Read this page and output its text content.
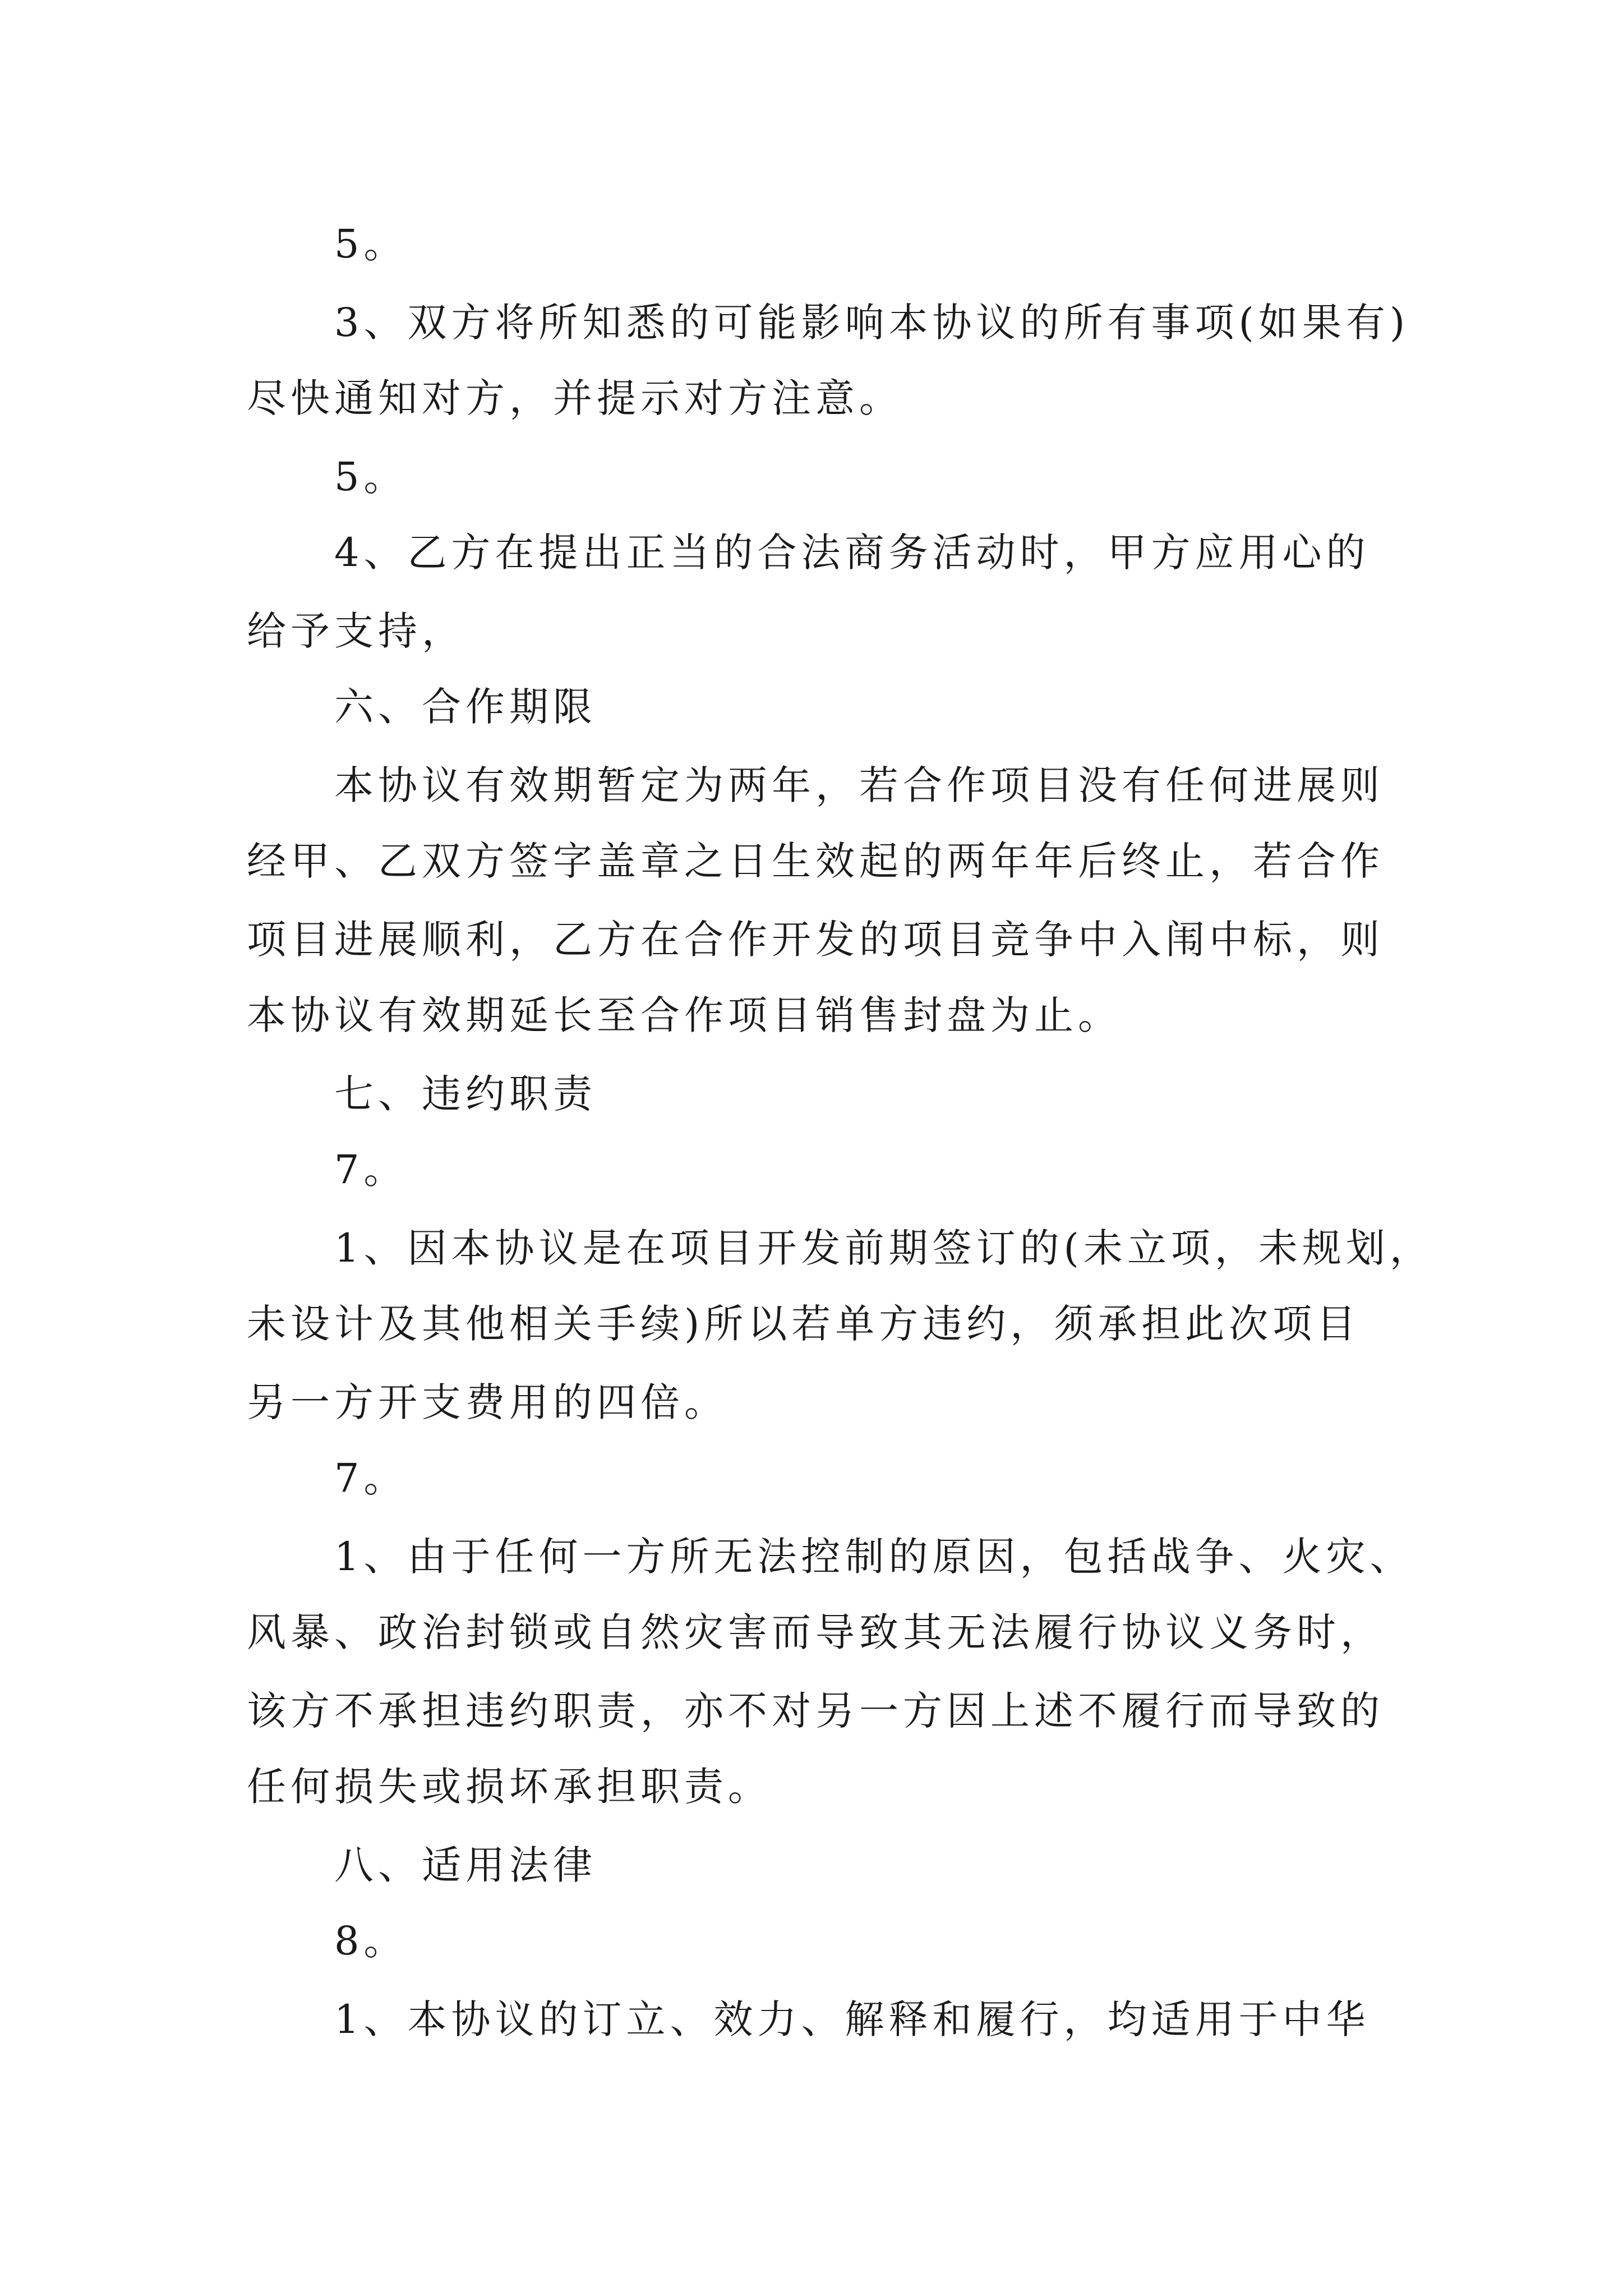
5。
3、双方将所知悉的可能影响本协议的所有事项(如果有)
尽快通知对方，并提示对方注意。
5。
4、乙方在提出正当的合法商务活动时，甲方应用心的
给予支持，
六、合作期限
本协议有效期暂定为两年，若合作项目没有任何进展则
经甲、乙双方签字盖章之日生效起的两年年后终止，若合作
项目进展顺利，乙方在合作开发的项目竞争中入闱中标，则
本协议有效期延长至合作项目销售封盘为止。
七、违约职责
7。
1、因本协议是在项目开发前期签订的(未立项，未规划，
未设计及其他相关手续)所以若单方违约，须承担此次项目
另一方开支费用的四倍。
7。
1、由于任何一方所无法控制的原因，包括战争、火灾、
风暴、政治封锁或自然灾害而导致其无法履行协议义务时，
该方不承担违约职责，亦不对另一方因上述不履行而导致的
任何损失或损坏承担职责。
八、适用法律
8。
1、本协议的订立、效力、解释和履行，均适用于中华
